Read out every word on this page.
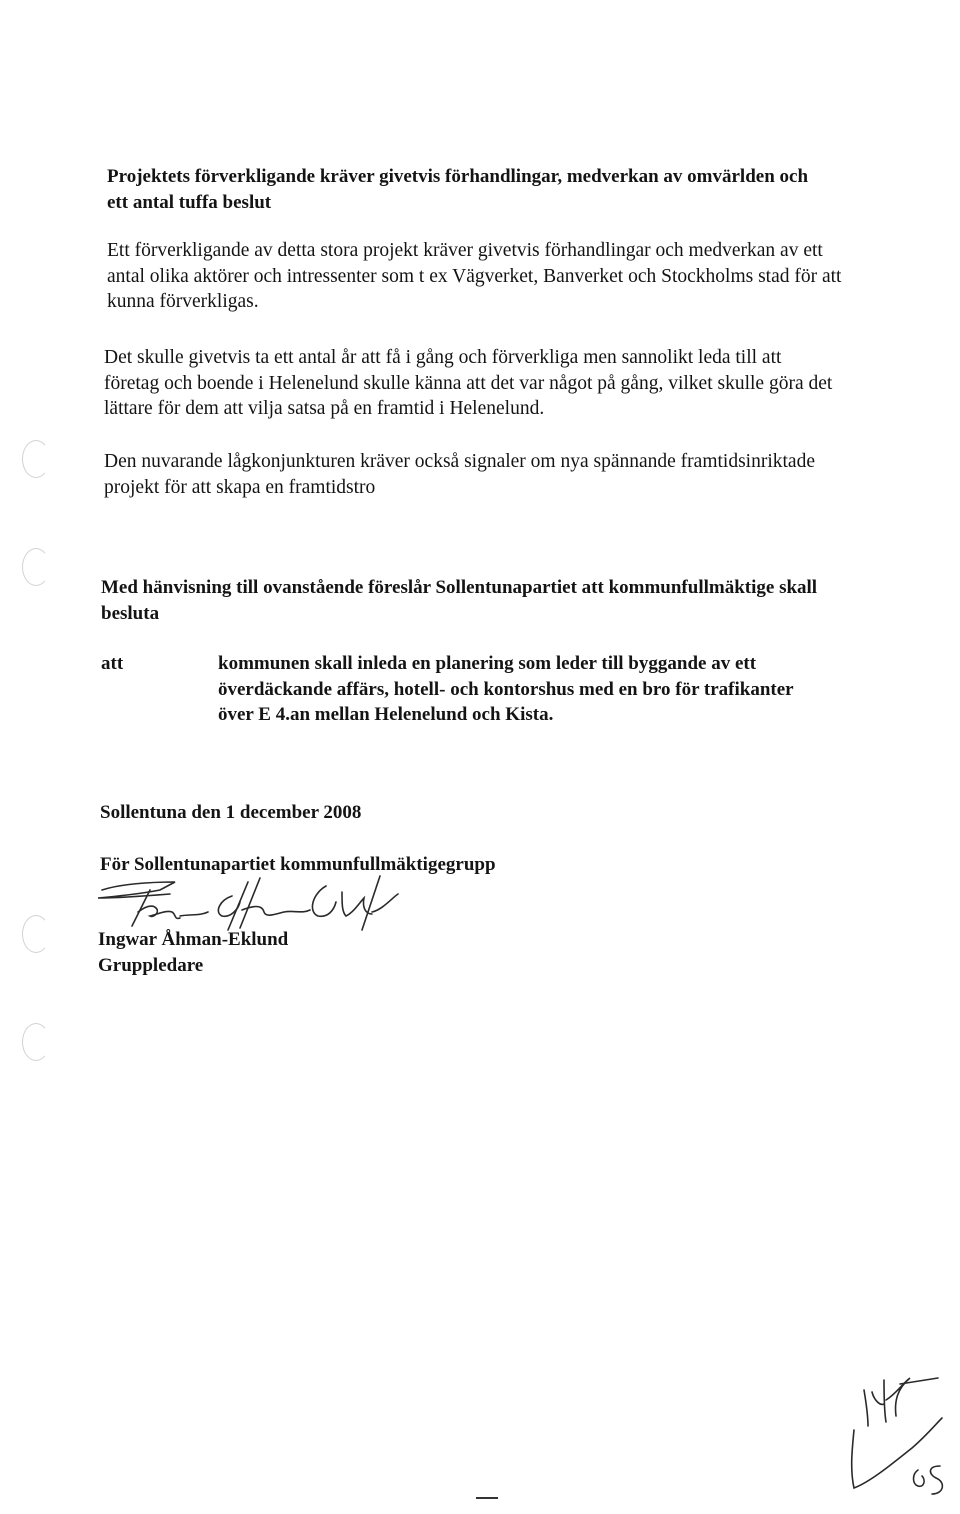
Projektets förverkligande kräver givetvis förhandlingar, medverkan av omvärlden och
ett antal tuffa beslut
Ett förverkligande av detta stora projekt kräver givetvis förhandlingar och medverkan av ett
antal olika aktörer och intressenter som t ex Vägverket, Banverket och Stockholms stad för att
kunna förverkligas.
Det skulle givetvis ta ett antal år att få i gång och förverkliga men sannolikt leda till att
företag och boende i Helenelund skulle känna att det var något på gång, vilket skulle göra det
lättare för dem att vilja satsa på en framtid i Helenelund.
Den nuvarande lågkonjunkturen kräver också signaler om nya spännande framtidsinriktade
projekt för att skapa en framtidstro
Med hänvisning till ovanstående föreslår Sollentunapartiet att kommunfullmäktige skall
besluta
att	kommunen skall inleda en planering som leder till byggande av ett
överdäckande affärs, hotell- och kontorshus med en bro för trafikanter
över E 4.an mellan Helenelund och Kista.
Sollentuna den 1 december 2008
För Sollentunapartiet kommunfullmäktigegrupp
Ingwar Åhman-Eklund
Gruppledare
